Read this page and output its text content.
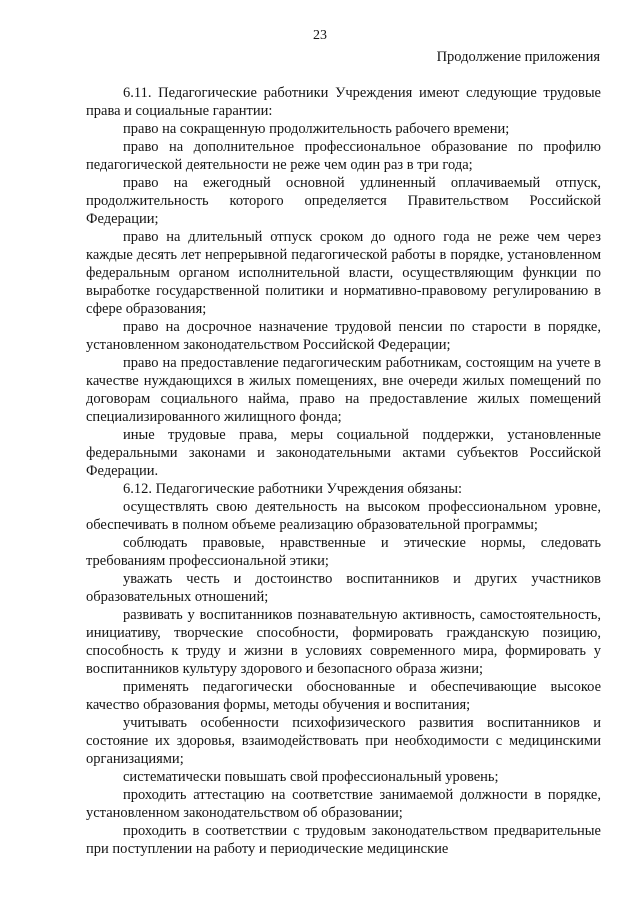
23
Продолжение приложения

6.11. Педагогические работники Учреждения имеют следующие трудовые права и социальные гарантии:

право на сокращенную продолжительность рабочего времени;

право на дополнительное профессиональное образование по профилю педагогической деятельности не реже чем один раз в три года;

право на ежегодный основной удлиненный оплачиваемый отпуск, продолжительность которого определяется Правительством Российской Федерации;

право на длительный отпуск сроком до одного года не реже чем через каждые десять лет непрерывной педагогической работы в порядке, установленном федеральным органом исполнительной власти, осуществляющим функции по выработке государственной политики и нормативно-правовому регулированию в сфере образования;

право на досрочное назначение трудовой пенсии по старости в порядке, установленном законодательством Российской Федерации;

право на предоставление педагогическим работникам, состоящим на учете в качестве нуждающихся в жилых помещениях, вне очереди жилых помещений по договорам социального найма, право на предоставление жилых помещений специализированного жилищного фонда;

иные трудовые права, меры социальной поддержки, установленные федеральными законами и законодательными актами субъектов Российской Федерации.

6.12. Педагогические работники Учреждения обязаны:

осуществлять свою деятельность на высоком профессиональном уровне, обеспечивать в полном объеме реализацию образовательной программы;

соблюдать правовые, нравственные и этические нормы, следовать требованиям профессиональной этики;

уважать честь и достоинство воспитанников и других участников образовательных отношений;

развивать у воспитанников познавательную активность, самостоятельность, инициативу, творческие способности, формировать гражданскую позицию, способность к труду и жизни в условиях современного мира, формировать у воспитанников культуру здорового и безопасного образа жизни;

применять педагогически обоснованные и обеспечивающие высокое качество образования формы, методы обучения и воспитания;

учитывать особенности психофизического развития воспитанников и состояние их здоровья, взаимодействовать при необходимости с медицинскими организациями;

систематически повышать свой профессиональный уровень;

проходить аттестацию на соответствие занимаемой должности в порядке, установленном законодательством об образовании;

проходить в соответствии с трудовым законодательством предварительные при поступлении на работу и периодические медицинские
